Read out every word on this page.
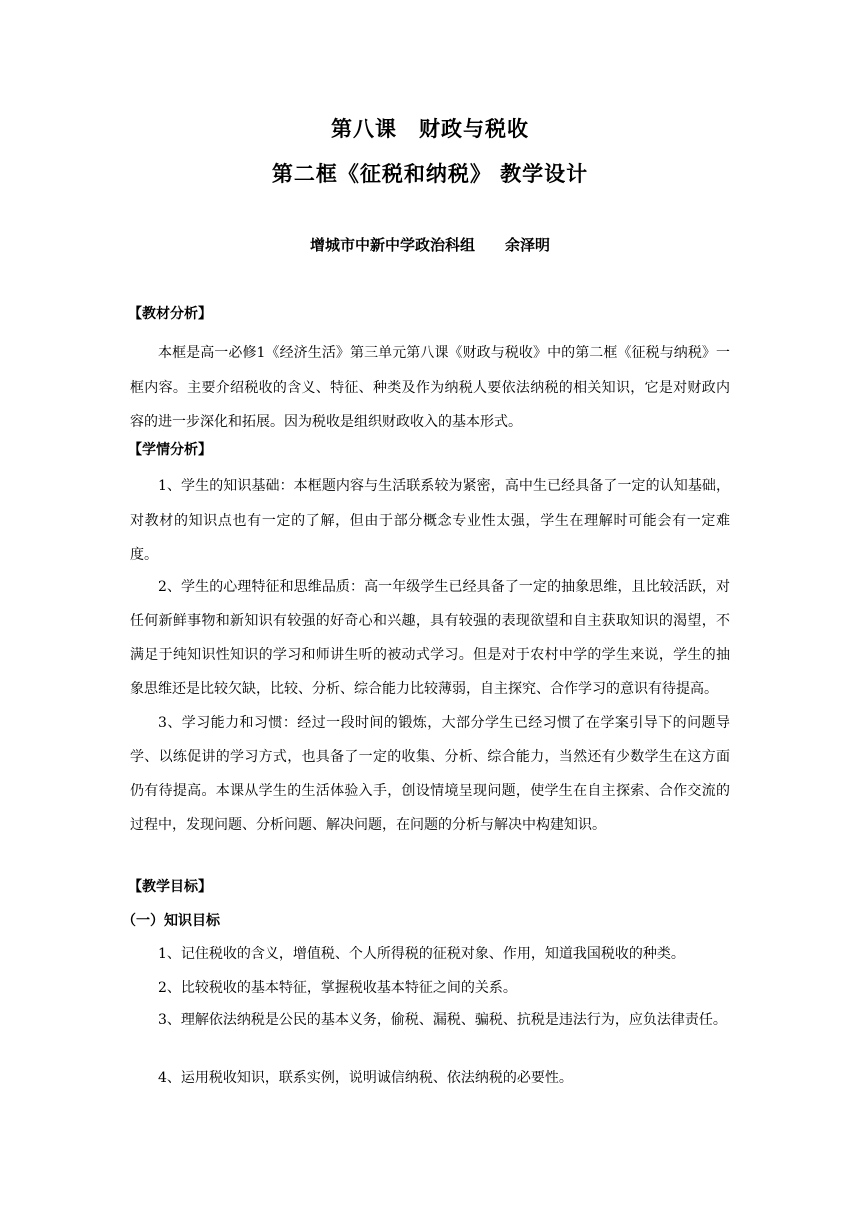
第八课　财政与税收
第二框《征税和纳税》 教学设计
增城市中新中学政治科组　　余泽明
【教材分析】
本框是高一必修1《经济生活》第三单元第八课《财政与税收》中的第二框《征税与纳税》一框内容。主要介绍税收的含义、特征、种类及作为纳税人要依法纳税的相关知识，它是对财政内容的进一步深化和拓展。因为税收是组织财政收入的基本形式。
【学情分析】
1、学生的知识基础：本框题内容与生活联系较为紧密，高中生已经具备了一定的认知基础，对教材的知识点也有一定的了解，但由于部分概念专业性太强，学生在理解时可能会有一定难度。
2、学生的心理特征和思维品质：高一年级学生已经具备了一定的抽象思维，且比较活跃，对任何新鲜事物和新知识有较强的好奇心和兴趣，具有较强的表现欲望和自主获取知识的渴望，不满足于纯知识性知识的学习和师讲生听的被动式学习。但是对于农村中学的学生来说，学生的抽象思维还是比较欠缺，比较、分析、综合能力比较薄弱，自主探究、合作学习的意识有待提高。
3、学习能力和习惯：经过一段时间的锻炼，大部分学生已经习惯了在学案引导下的问题导学、以练促讲的学习方式，也具备了一定的收集、分析、综合能力，当然还有少数学生在这方面仍有待提高。本课从学生的生活体验入手，创设情境呈现问题，使学生在自主探索、合作交流的过程中，发现问题、分析问题、解决问题，在问题的分析与解决中构建知识。
【教学目标】
（一）知识目标
1、记住税收的含义，增值税、个人所得税的征税对象、作用，知道我国税收的种类。
2、比较税收的基本特征，掌握税收基本特征之间的关系。
3、理解依法纳税是公民的基本义务，偷税、漏税、骗税、抗税是违法行为，应负法律责任。
4、运用税收知识，联系实例，说明诚信纳税、依法纳税的必要性。
